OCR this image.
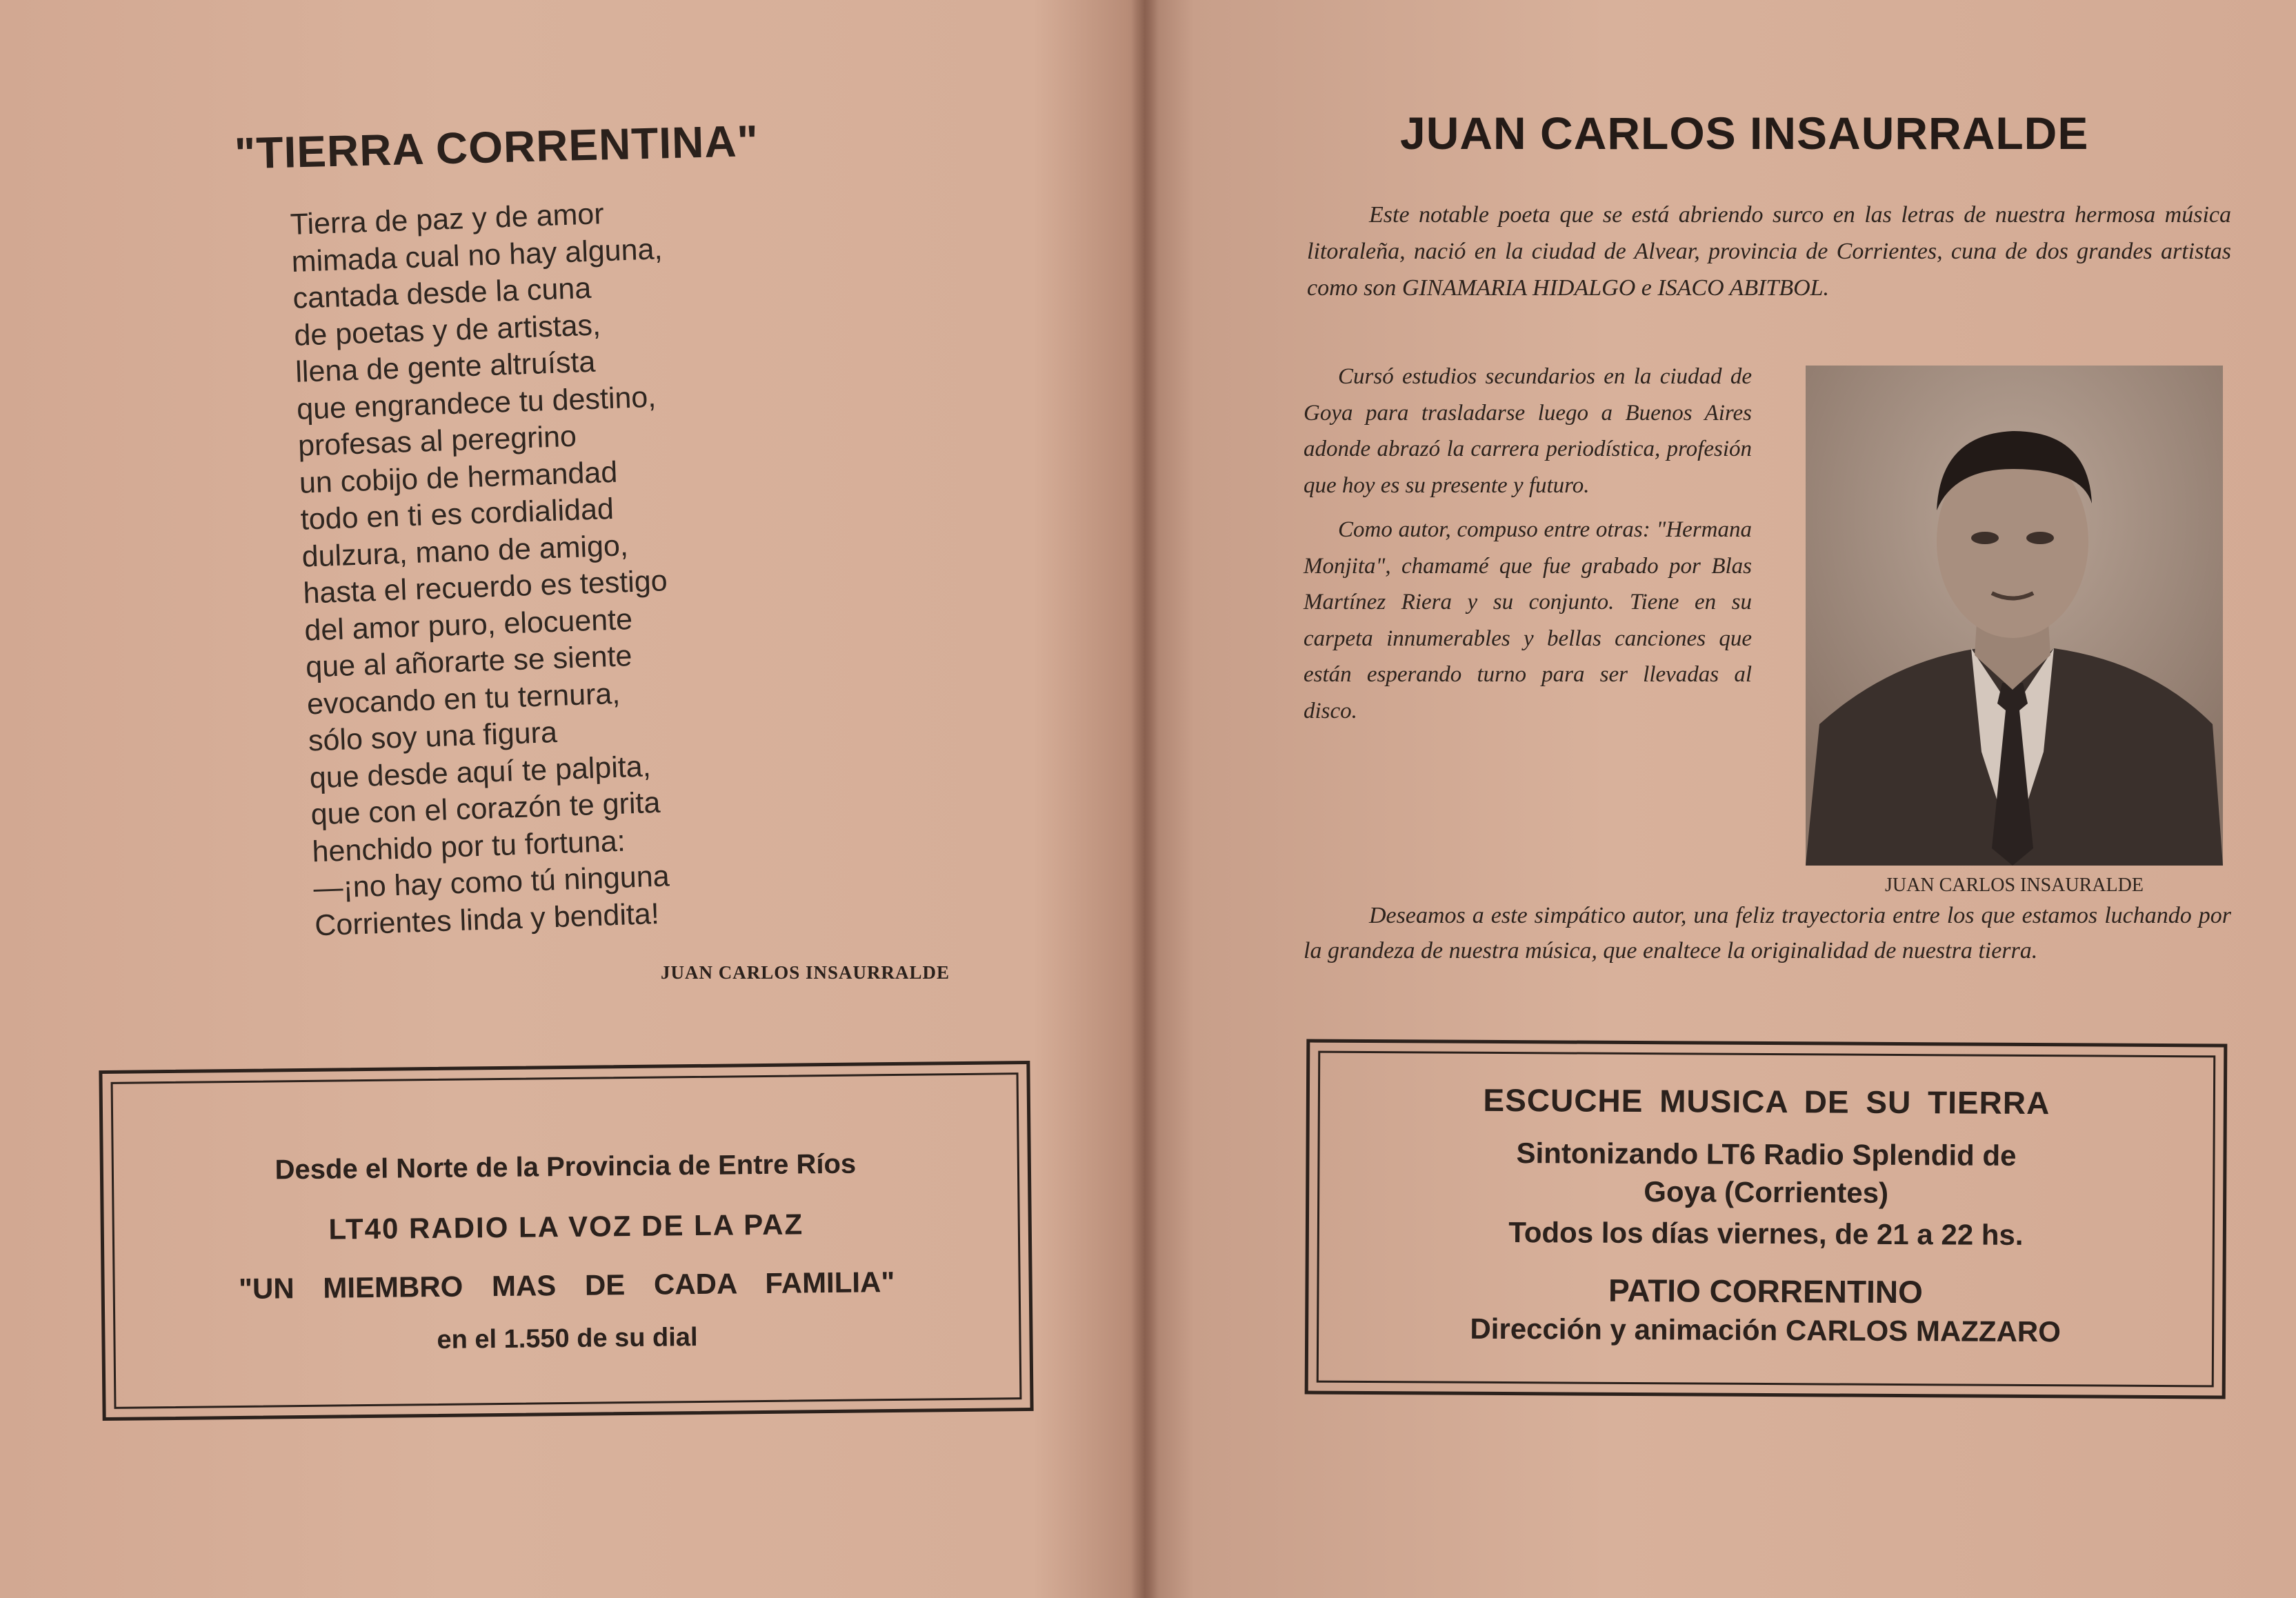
"TIERRA CORRENTINA"
Tierra de paz y de amor
mimada cual no hay alguna,
cantada desde la cuna
de poetas y de artistas,
llena de gente altruísta
que engrandece tu destino,
profesas al peregrino
un cobijo de hermandad
todo en ti es cordialidad
dulzura, mano de amigo,
hasta el recuerdo es testigo
del amor puro, elocuente
que al añorarte se siente
evocando en tu ternura,
sólo soy una figura
que desde aquí te palpita,
que con el corazón te grita
henchido por tu fortuna:
—¡no hay como tú ninguna
Corrientes linda y bendita!

JUAN CARLOS INSAURRALDE

Desde el Norte de la Provincia de Entre Ríos

LT40 RADIO LA VOZ DE LA PAZ

"UN MIEMBRO MAS DE CADA FAMILIA"

en el 1.550 de su dial

JUAN CARLOS INSAURRALDE

Este notable poeta que se está abriendo surco en las letras de nuestra hermosa música litoraleña, nació en la ciudad de Alvear, provincia de Corrientes, cuna de dos grandes artistas como son GINAMARIA HIDALGO e ISACO ABITBOL.

Cursó estudios secundarios en la ciudad de Goya para trasladarse luego a Buenos Aires adonde abrazó la carrera periodística, profesión que hoy es su presente y futuro.

Como autor, compuso entre otras: "Hermana Monjita", chamamé que fue grabado por Blas Martínez Riera y su conjunto. Tiene en su carpeta innumerables y bellas canciones que están esperando turno para ser llevadas al disco.

JUAN CARLOS INSAURALDE

Deseamos a este simpático autor, una feliz trayectoria entre los que estamos luchando por la grandeza de nuestra música, que enaltece la originalidad de nuestra tierra.

ESCUCHE MUSICA DE SU TIERRA

Sintonizando LT6 Radio Splendid de

Goya (Corrientes)

Todos los días viernes, de 21 a 22 hs.

PATIO CORRENTINO

Dirección y animación CARLOS MAZZARO
